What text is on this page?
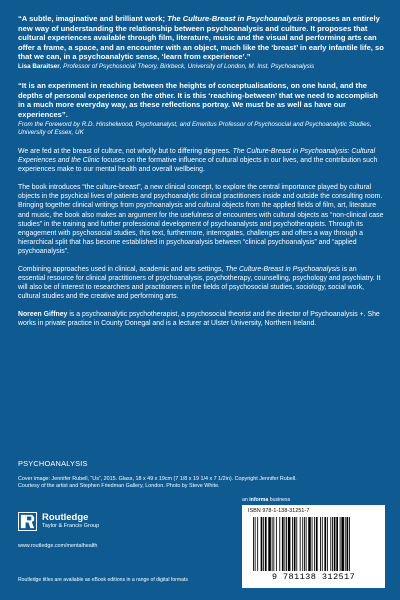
“A subtle, imaginative and brilliant work; The Culture-Breast in Psychoanalysis proposes an entirely new way of understanding the relationship between psychoanalysis and culture. It proposes that cultural experiences available through film, literature, music and the visual and performing arts can offer a frame, a space, and an encounter with an object, much like the ‘breast’ in early infantile life, so that we can, in a psychoanalytic sense, ‘learn from experience’.”

Lisa Baraitser, Professor of Psychosocial Theory, Birkbeck, University of London, M. Inst. Psychoanalysis

“It is an experiment in reaching between the heights of conceptualisations, on one hand, and the depths of personal experience on the other. It is this ‘reaching-between’ that we need to accomplish in a much more everyday way, as these reflections portray. We must be as well as have our experiences”.

From the Foreword by R.D. Hinshelwood, Psychoanalyst, and Emeritus Professor of Psychosocial and Psychoanalytic Studies, University of Essex, UK

We are fed at the breast of culture, not wholly but to differing degrees. The Culture-Breast in Psychoanalysis: Cultural Experiences and the Clinic focuses on the formative influence of cultural objects in our lives, and the contribution such experiences make to our mental health and overall wellbeing.

The book introduces “the culture-breast”, a new clinical concept, to explore the central importance played by cultural objects in the psychical lives of patients and psychoanalytic clinical practitioners inside and outside the consulting room. Bringing together clinical writings from psychoanalysis and cultural objects from the applied fields of film, art, literature and music, the book also makes an argument for the usefulness of encounters with cultural objects as “non-clinical case studies” in the training and further professional development of psychoanalysts and psychotherapists. Through its engagement with psychosocial studies, this text, furthermore, interrogates, challenges and offers a way through a hierarchical split that has become established in psychoanalysis between “clinical psychoanalysis” and “applied psychoanalysis”.

Combining approaches used in clinical, academic and arts settings, The Culture-Breast in Psychoanalysis is an essential resource for clinical practitioners of psychoanalysis, psychotherapy, counselling, psychology and psychiatry. It will also be of interest to researchers and practitioners in the fields of psychosocial studies, sociology, social work, cultural studies and the creative and performing arts.

Noreen Giffney is a psychoanalytic psychotherapist, a psychosocial theorist and the director of Psychoanalysis +. She works in private practice in County Donegal and is a lecturer at Ulster University, Northern Ireland.

PSYCHOANALYSIS
Cover image: Jennifer Rubell, “Us”, 2015. Glass, 18 x 49 x 19cm (7 1/8 x 19 1/4 x 7 1/2in). Copyright Jennifer Rubell. Courtesy of the artist and Stephen Friedman Gallery, London. Photo by Steve White.
Routledge
Taylor & Francis Group
www.routledge.com/mentalhealth
Routledge titles are available as eBook editions in a range of digital formats
an informa business
ISBN 978-1-138-31251-7
9 781138 312517
